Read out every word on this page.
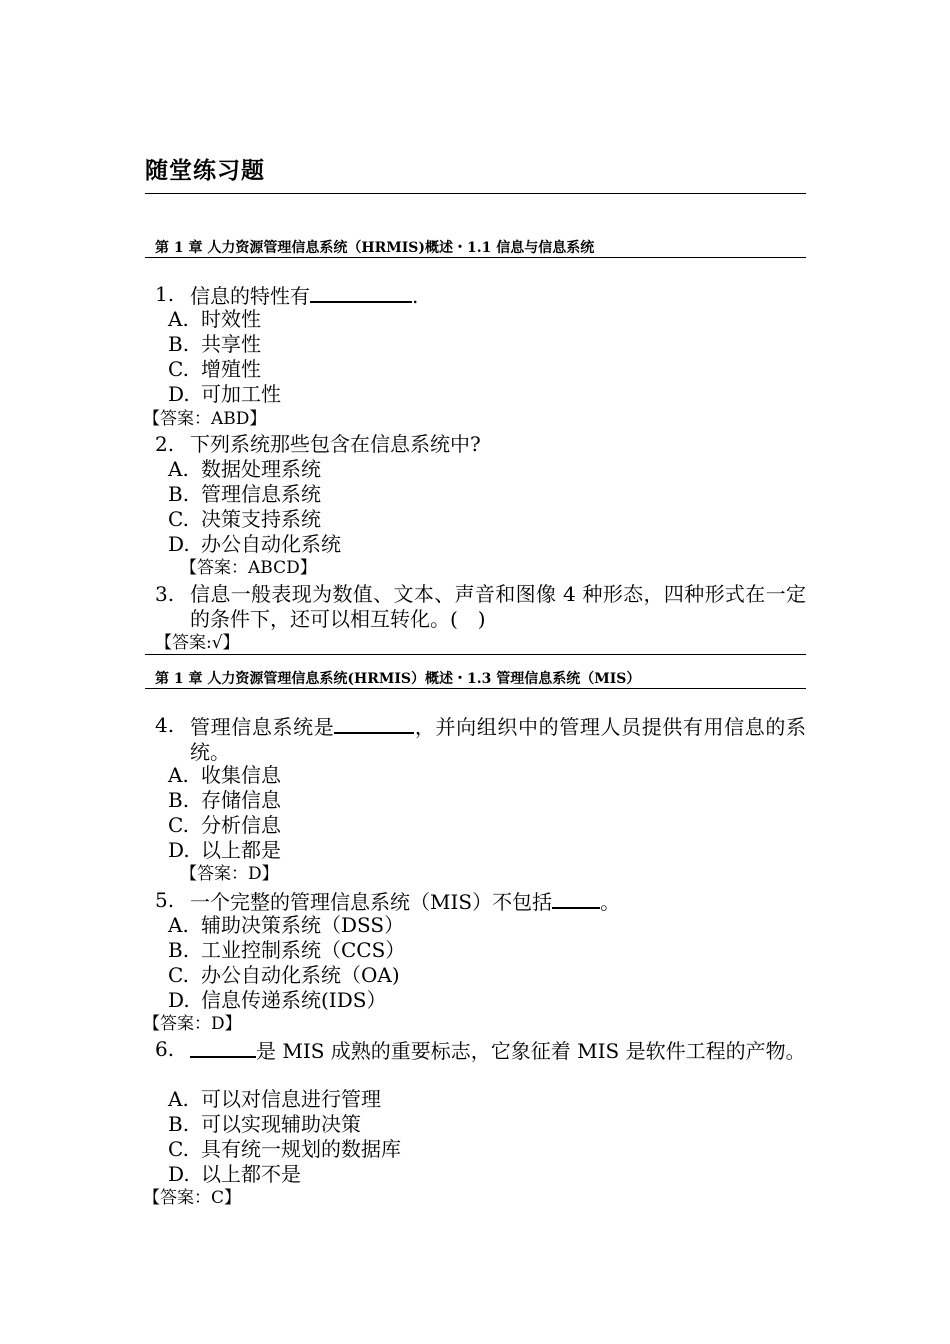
随堂练习题
第 1 章 人力资源管理信息系统（HRMIS)概述・1.1 信息与信息系统
1. 信息的特性有	.
A. 时效性
B. 共享性
C. 增殖性
D. 可加工性
【答案：ABD】
2. 下列系统那些包含在信息系统中?
A. 数据处理系统
B. 管理信息系统
C. 决策支持系统
D. 办公自动化系统
【答案：ABCD】
3. 信息一般表现为数值、文本、声音和图像 4 种形态，四种形式在一定的条件下，还可以相互转化。(　)
【答案:√】
第 1 章 人力资源管理信息系统(HRMIS）概述・1.3 管理信息系统（MIS）
4. 管理信息系统是	，并向组织中的管理人员提供有用信息的系统。
A. 收集信息
B. 存储信息
C. 分析信息
D. 以上都是
【答案：D】
5. 一个完整的管理信息系统（MIS）不包括 。
A. 辅助决策系统（DSS）
B. 工业控制系统（CCS）
C. 办公自动化系统（OA)
D. 信息传递系统(IDS）
【答案：D】
6.	是 MIS 成熟的重要标志，它象征着 MIS 是软件工程的产物。
A. 可以对信息进行管理
B. 可以实现辅助决策
C. 具有统一规划的数据库
D. 以上都不是
【答案：C】
